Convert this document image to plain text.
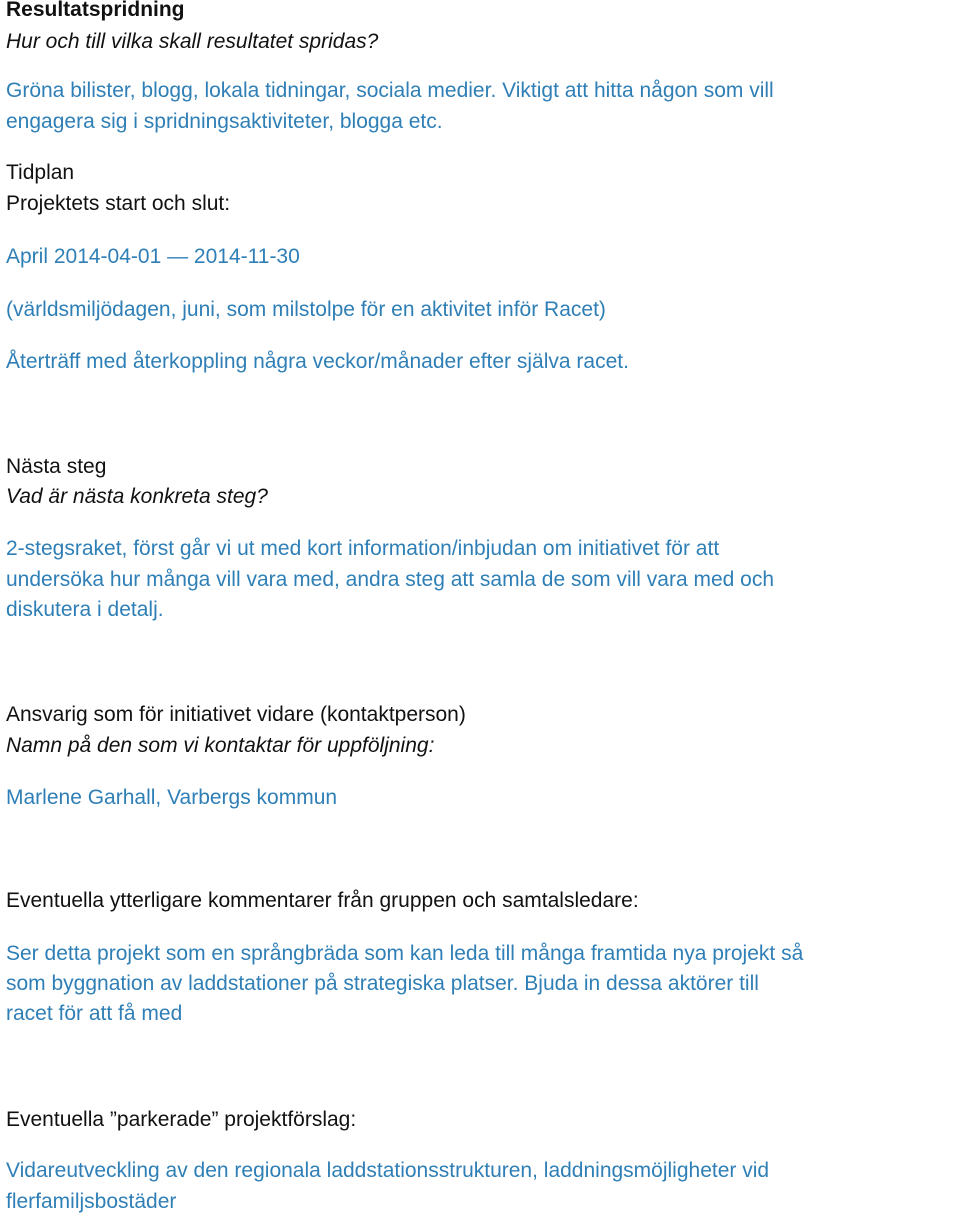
Resultatspridning
Hur och till vilka skall resultatet spridas?
Gröna bilister, blogg, lokala tidningar, sociala medier. Viktigt att hitta någon som vill
engagera sig i spridningsaktiviteter, blogga etc.
Tidplan
Projektets start och slut:
April 2014-04-01 — 2014-11-30
(världsmiljödagen, juni, som milstolpe för en aktivitet inför Racet)
Återträff med återkoppling några veckor/månader efter själva racet.
Nästa steg
Vad är nästa konkreta steg?
2-stegsraket, först går vi ut med kort information/inbjudan om initiativet för att
undersöka hur många vill vara med, andra steg att samla de som vill vara med och
diskutera i detalj.
Ansvarig som för initiativet vidare (kontaktperson)
Namn på den som vi kontaktar för uppföljning:
Marlene Garhall, Varbergs kommun
Eventuella ytterligare kommentarer från gruppen och samtalsledare:
Ser detta projekt som en språngbräda som kan leda till många framtida nya projekt så
som byggnation av laddstationer på strategiska platser. Bjuda in dessa aktörer till
racet för att få med
Eventuella ”parkerade” projektförslag:
Vidareutveckling av den regionala laddstationsstrukturen, laddningsmöjligheter vid
flerfamiljsbostäder
